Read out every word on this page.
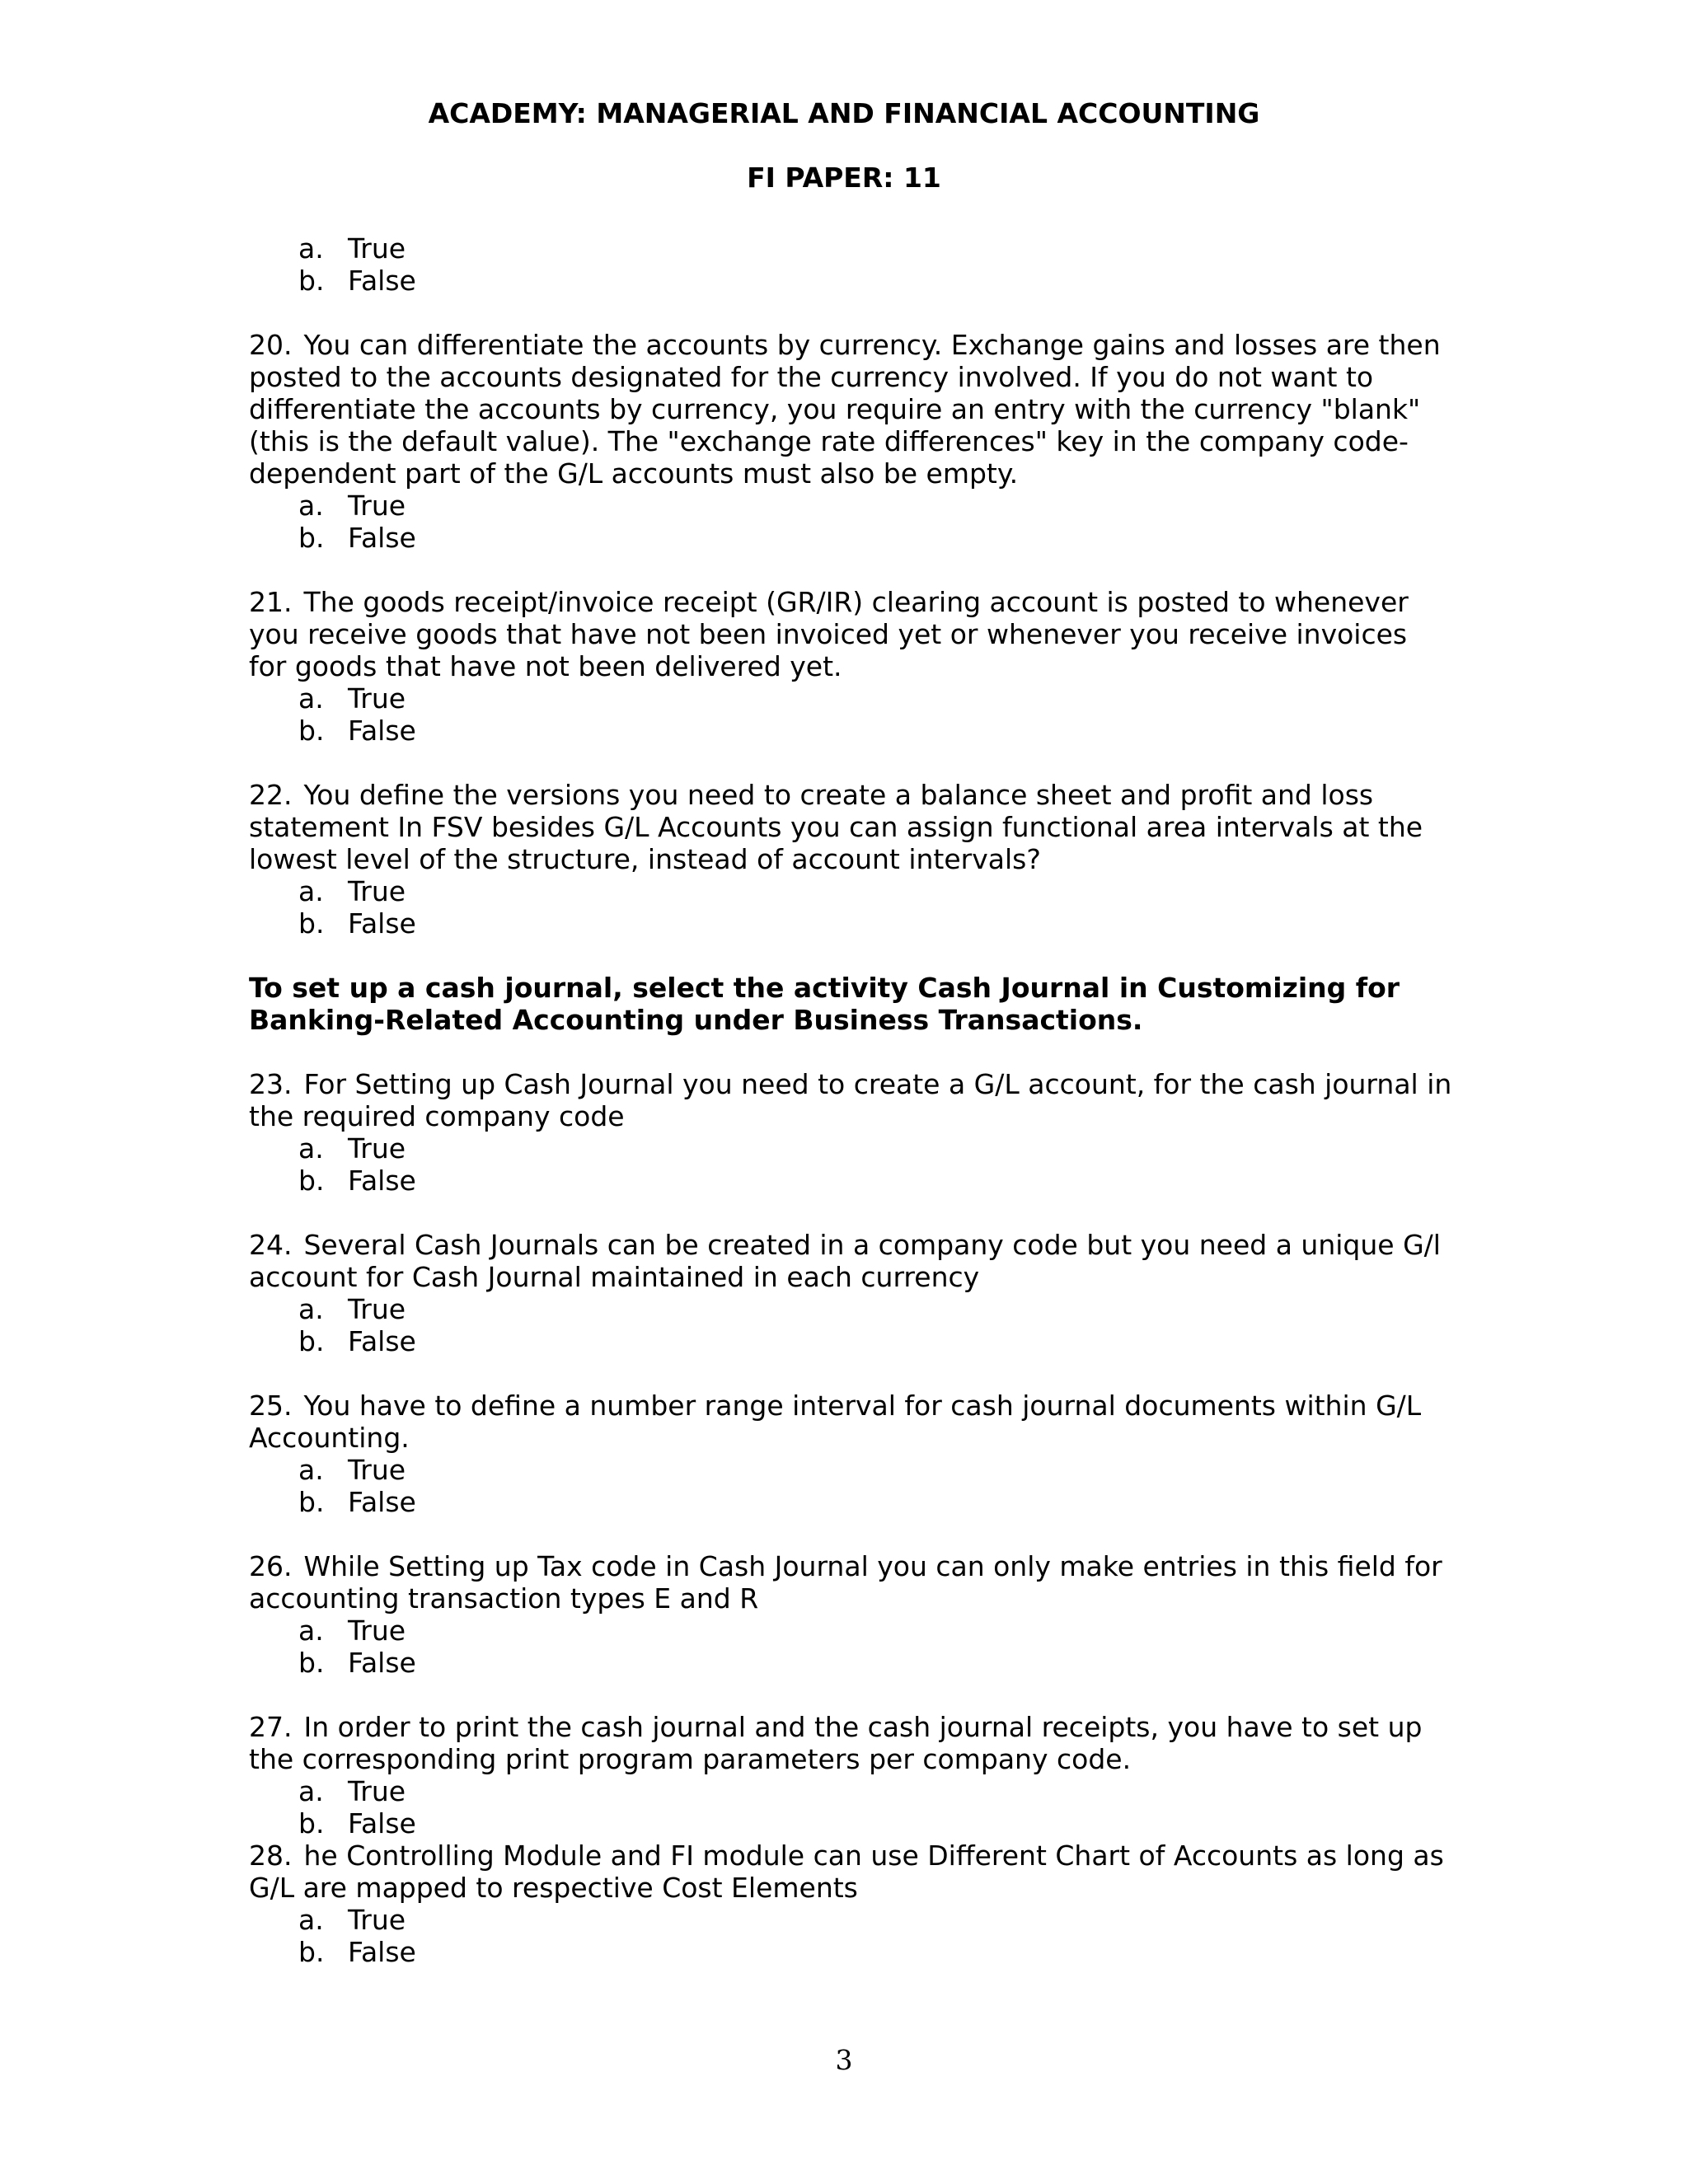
ACADEMY: MANAGERIAL AND FINANCIAL ACCOUNTING

FI PAPER: 11

a. True
b. False

20. You can differentiate the accounts by currency. Exchange gains and losses are then posted to the accounts designated for the currency involved. If you do not want to differentiate the accounts by currency, you require an entry with the currency "blank" (this is the default value). The "exchange rate differences" key in the company code-dependent part of the G/L accounts must also be empty.

a. True
b. False

21. The goods receipt/invoice receipt (GR/IR) clearing account is posted to whenever you receive goods that have not been invoiced yet or whenever you receive invoices for goods that have not been delivered yet.

a. True
b. False

22. You define the versions you need to create a balance sheet and profit and loss statement In FSV besides G/L Accounts you can assign functional area intervals at the lowest level of the structure, instead of account intervals?

a. True
b. False

To set up a cash journal, select the activity Cash Journal in Customizing for Banking-Related Accounting under Business Transactions.

23. For Setting up Cash Journal you need to create a G/L account, for the cash journal in the required company code

a. True
b. False

24. Several Cash Journals can be created in a company code but you need a unique G/l account for Cash Journal maintained in each currency

a. True
b. False

25. You have to define a number range interval for cash journal documents within G/L Accounting.

a. True
b. False

26. While Setting up Tax code in Cash Journal you can only make entries in this field for accounting transaction types E and R

a. True
b. False

27. In order to print the cash journal and the cash journal receipts, you have to set up the corresponding print program parameters per company code.

a. True
b. False

28. he Controlling Module and FI module can use Different Chart of Accounts as long as G/L are mapped to respective Cost Elements

a. True
b. False
3
